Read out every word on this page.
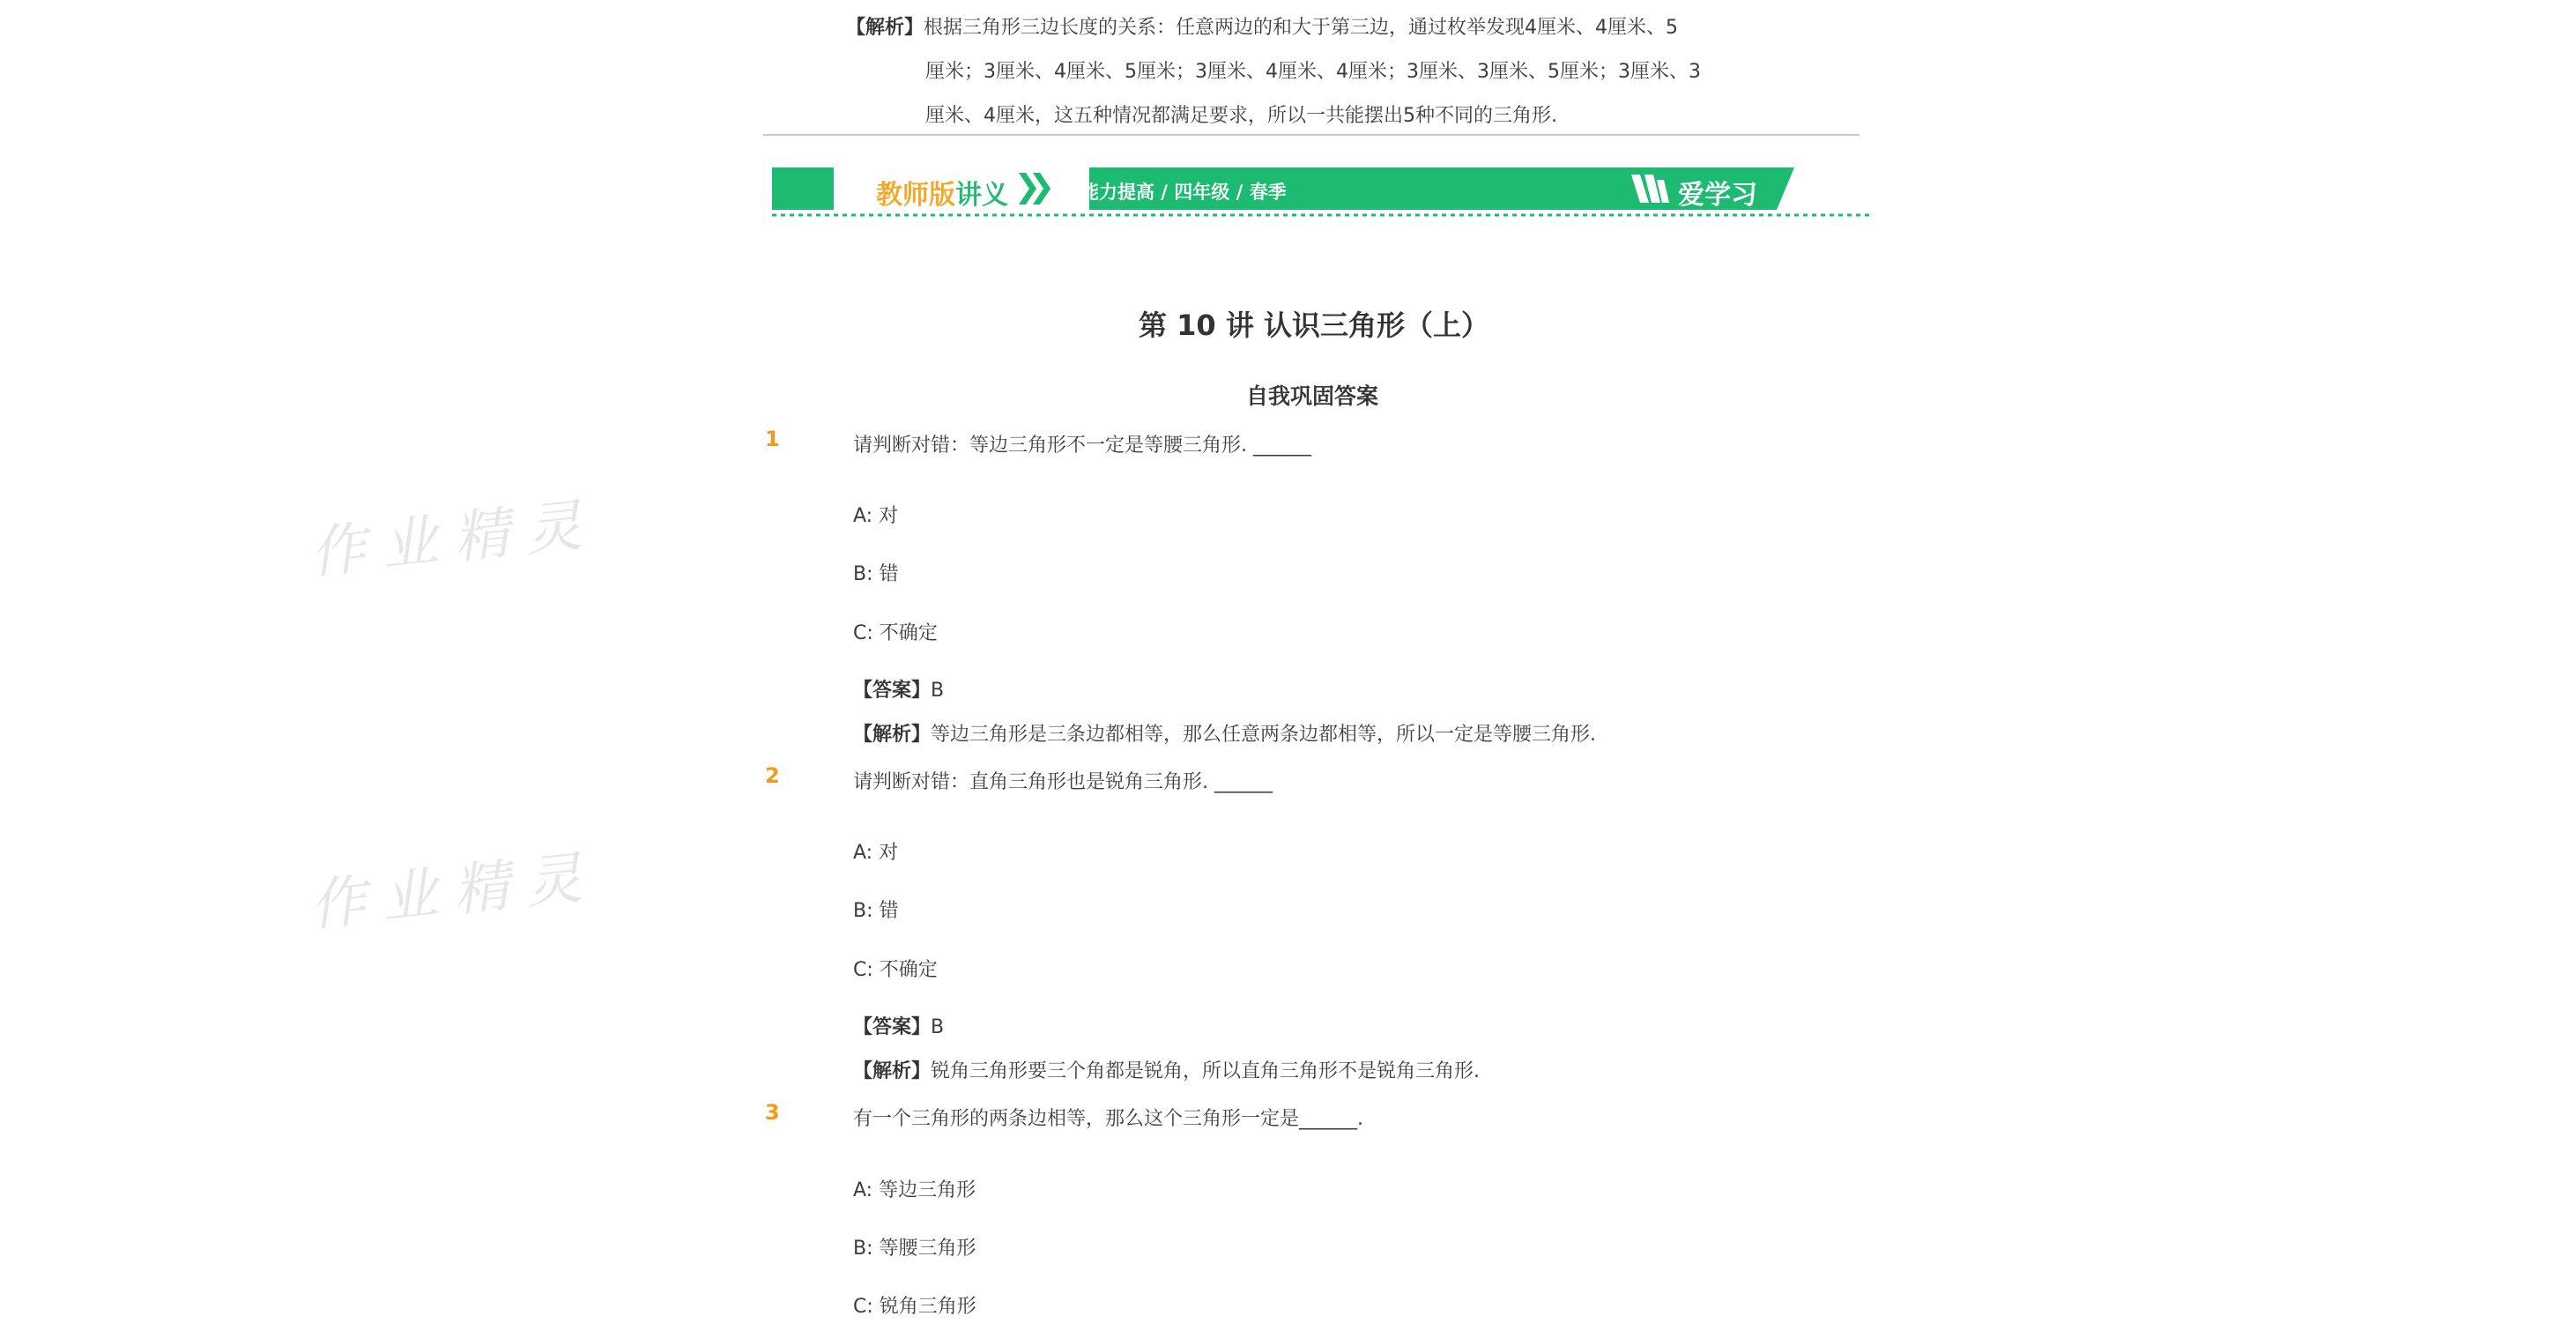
【解析】根据三角形三边长度的关系：任意两边的和大于第三边，通过枚举发现4厘米、4厘米、5
厘米；3厘米、4厘米、5厘米；3厘米、4厘米、4厘米；3厘米、3厘米、5厘米；3厘米、3
厘米、4厘米，这五种情况都满足要求，所以一共能摆出5种不同的三角形.
教师版讲义	能力提高 / 四年级 / 春季	爱学习
第 10 讲 认识三角形（上）
自我巩固答案
作业精灵
作业精灵
1	请判断对错：等边三角形不一定是等腰三角形. ______
A: 对
B: 错
C: 不确定
【答案】B
【解析】等边三角形是三条边都相等，那么任意两条边都相等，所以一定是等腰三角形.
2	请判断对错：直角三角形也是锐角三角形. ______
A: 对
B: 错
C: 不确定
【答案】B
【解析】锐角三角形要三个角都是锐角，所以直角三角形不是锐角三角形.
3	有一个三角形的两条边相等，那么这个三角形一定是______.
A: 等边三角形
B: 等腰三角形
C: 锐角三角形
